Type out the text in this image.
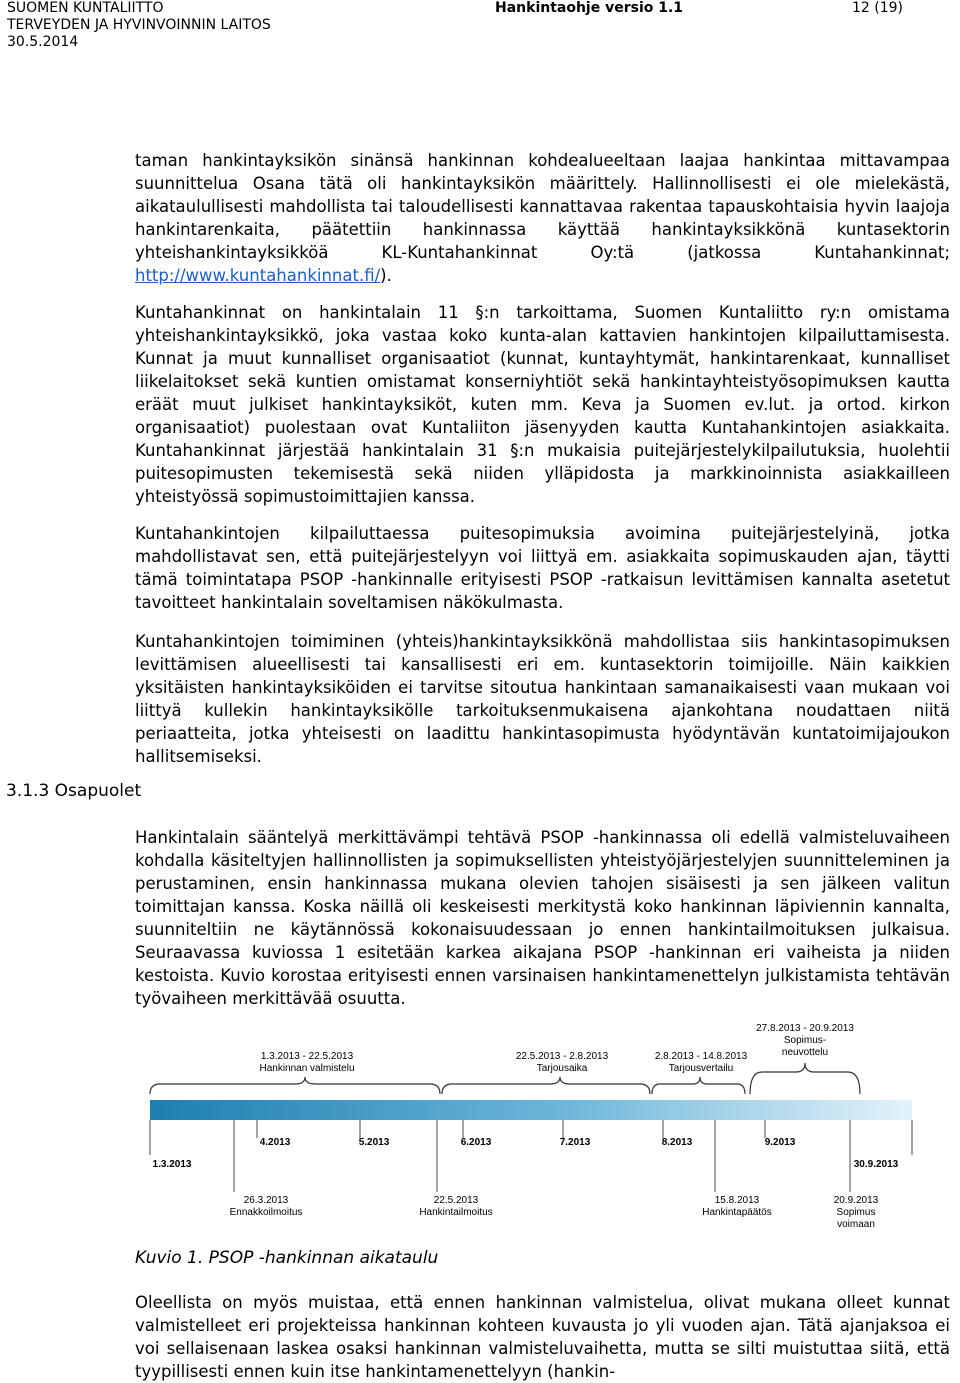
SUOMEN KUNTALIITTO
TERVEYDEN JA HYVINVOINNIN LAITOS
30.5.2014
Hankintaohje versio 1.1	12 (19)
taman hankintayksikön sinänsä hankinnan kohdealueeltaan laajaa hankintaa mittavampaa suunnittelua Osana tätä oli hankintayksikön määrittely. Hallinnollisesti ei ole mielekästä, aikataulullisesti mahdollista tai taloudellisesti kannattavaa rakentaa tapauskohtaisia hyvin laajoja hankintarenkaita, päätettiin hankinnassa käyttää hankintayksikkönä kuntasektorin yhteishankintayksikköä KL-Kuntahankinnat Oy:tä (jatkossa Kuntahankinnat; http://www.kuntahankinnat.fi/).
Kuntahankinnat on hankintalain 11 §:n tarkoittama, Suomen Kuntaliitto ry:n omistama yhteishankintayksikkö, joka vastaa koko kunta-alan kattavien hankintojen kilpailuttamisesta. Kunnat ja muut kunnalliset organisaatiot (kunnat, kuntayhtymät, hankintarenkaat, kunnalliset liikelaitokset sekä kuntien omistamat konserniyhtiöt sekä hankintayhteistyösopimuksen kautta eräät muut julkiset hankintayksiköt, kuten mm. Keva ja Suomen ev.lut. ja ortod. kirkon organisaatiot) puolestaan ovat Kuntaliiton jäsenyyden kautta Kuntahankintojen asiakkaita. Kuntahankinnat järjestää hankintalain 31 §:n mukaisia puitejärjestelykilpailutuksia, huolehtii puitesopimusten tekemisestä sekä niiden ylläpidosta ja markkinoinnista asiakkailleen yhteistyössä sopimustoimittajien kanssa.
Kuntahankintojen kilpailuttaessa puitesopimuksia avoimina puitejärjestelyinä, jotka mahdollistavat sen, että puitejärjestelyyn voi liittyä em. asiakkaita sopimuskauden ajan, täytti tämä toimintatapa PSOP -hankinnalle erityisesti PSOP -ratkaisun levittämisen kannalta asetetut tavoitteet hankintalain soveltamisen näkökulmasta.
Kuntahankintojen toimiminen (yhteis)hankintayksikkönä mahdollistaa siis hankintasopimuksen levittämisen alueellisesti tai kansallisesti eri em. kuntasektorin toimijoille. Näin kaikkien yksitäisten hankintayksiköiden ei tarvitse sitoutua hankintaan samanaikaisesti vaan mukaan voi liittyä kullekin hankintayksikölle tarkoituksenmukaisena ajankohtana noudattaen niitä periaatteita, jotka yhteisesti on laadittu hankintasopimusta hyödyntävän kuntatoimijajoukon hallitsemiseksi.
3.1.3 Osapuolet
Hankintalain sääntelyä merkittävämpi tehtävä PSOP -hankinnassa oli edellä valmisteluvaiheen kohdalla käsiteltyjen hallinnollisten ja sopimuksellisten yhteistyöjärjestelyjen suunnitteleminen ja perustaminen, ensin hankinnassa mukana olevien tahojen sisäisesti ja sen jälkeen valitun toimittajan kanssa. Koska näillä oli keskeisesti merkitystä koko hankinnan läpiviennin kannalta, suunniteltiin ne käytännössä kokonaisuudessaan jo ennen hankintailmoituksen julkaisua. Seuraavassa kuviossa 1 esitetään karkea aikajana PSOP -hankinnan eri vaiheista ja niiden kestoista. Kuvio korostaa erityisesti ennen varsinaisen hankintamenettelyn julkistamista tehtävän työvaiheen merkittävää osuutta.
1.3.2013 - 22.5.2013
Hankinnan valmistelu
22.5.2013 - 2.8.2013
Tarjousaika
2.8.2013 - 14.8.2013
Tarjousvertailu
27.8.2013 - 20.9.2013
Sopimus-
neuvottelu
4.2013	5.2013	6.2013	7.2013	8.2013	9.2013
1.3.2013	30.9.2013
26.3.2013
Ennakkoilmoitus
22.5.2013
Hankintailmoitus
15.8.2013
Hankintapäätös
20.9.2013
Sopimus
voimaan
Kuvio 1. PSOP -hankinnan aikataulu
Oleellista on myös muistaa, että ennen hankinnan valmistelua, olivat mukana olleet kunnat valmistelleet eri projekteissa hankinnan kohteen kuvausta jo yli vuoden ajan. Tätä ajanjaksoa ei voi sellaisenaan laskea osaksi hankinnan valmisteluvaihetta, mutta se silti muistuttaa siitä, että tyypillisesti ennen kuin itse hankintamenettelyyn (hankin-
